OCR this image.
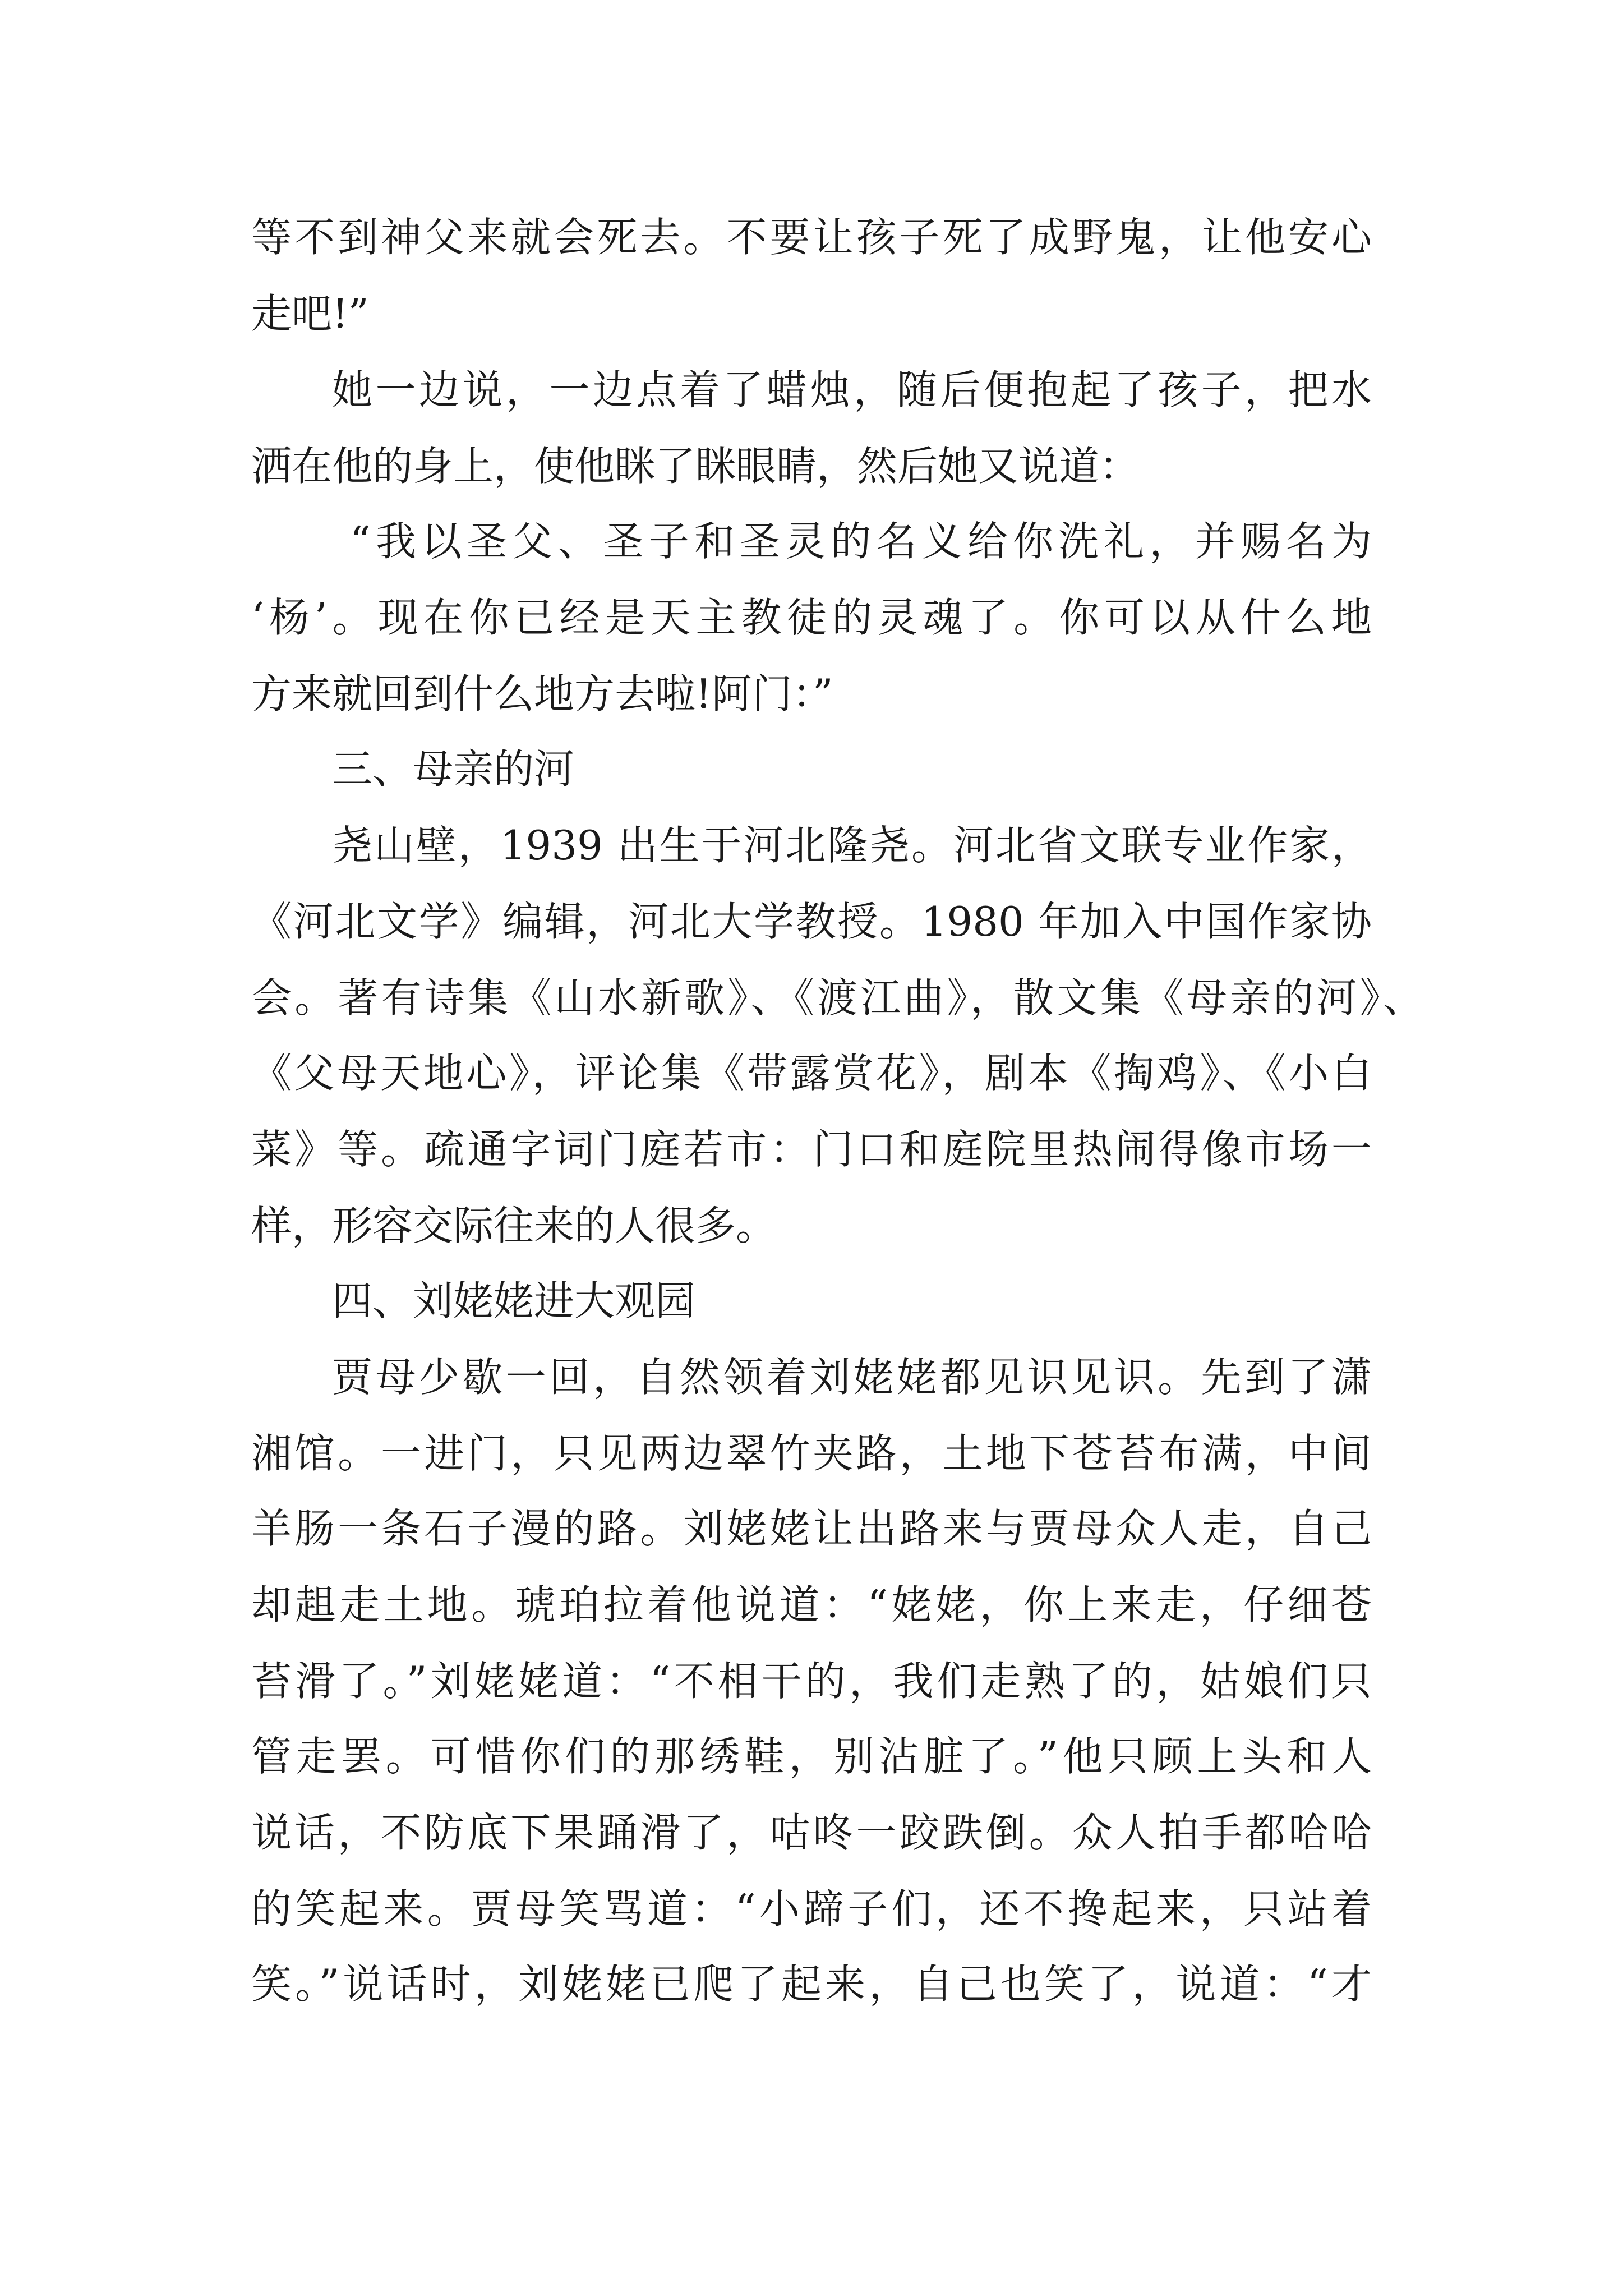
等不到神父来就会死去。不要让孩子死了成野鬼，让他安心
走吧!”
她一边说，一边点着了蜡烛，随后便抱起了孩子，把水
洒在他的身上，使他眯了眯眼睛，然后她又说道：
“我以圣父、圣子和圣灵的名义给你洗礼，并赐名为
‘杨’。现在你已经是天主教徒的灵魂了。你可以从什么地
方来就回到什么地方去啦!阿门：”
三、母亲的河
尧山壁，1939 出生于河北隆尧。河北省文联专业作家，
《河北文学》编辑，河北大学教授。1980 年加入中国作家协
会。著有诗集《山水新歌》、《渡江曲》，散文集《母亲的河》、
《父母天地心》，评论集《带露赏花》，剧本《掏鸡》、《小白
菜》等。疏通字词门庭若市：门口和庭院里热闹得像市场一
样，形容交际往来的人很多。
四、刘姥姥进大观园
贾母少歇一回，自然领着刘姥姥都见识见识。先到了潇
湘馆。一进门，只见两边翠竹夹路，土地下苍苔布满，中间
羊肠一条石子漫的路。刘姥姥让出路来与贾母众人走，自己
却趄走土地。琥珀拉着他说道：“姥姥，你上来走，仔细苍
苔滑了。”刘姥姥道：“不相干的，我们走熟了的，姑娘们只
管走罢。可惜你们的那绣鞋，别沾脏了。”他只顾上头和人
说话，不防底下果踊滑了，咕咚一跤跌倒。众人拍手都哈哈
的笑起来。贾母笑骂道：“小蹄子们，还不搀起来，只站着
笑。”说话时，刘姥姥已爬了起来，自己也笑了，说道：“才
